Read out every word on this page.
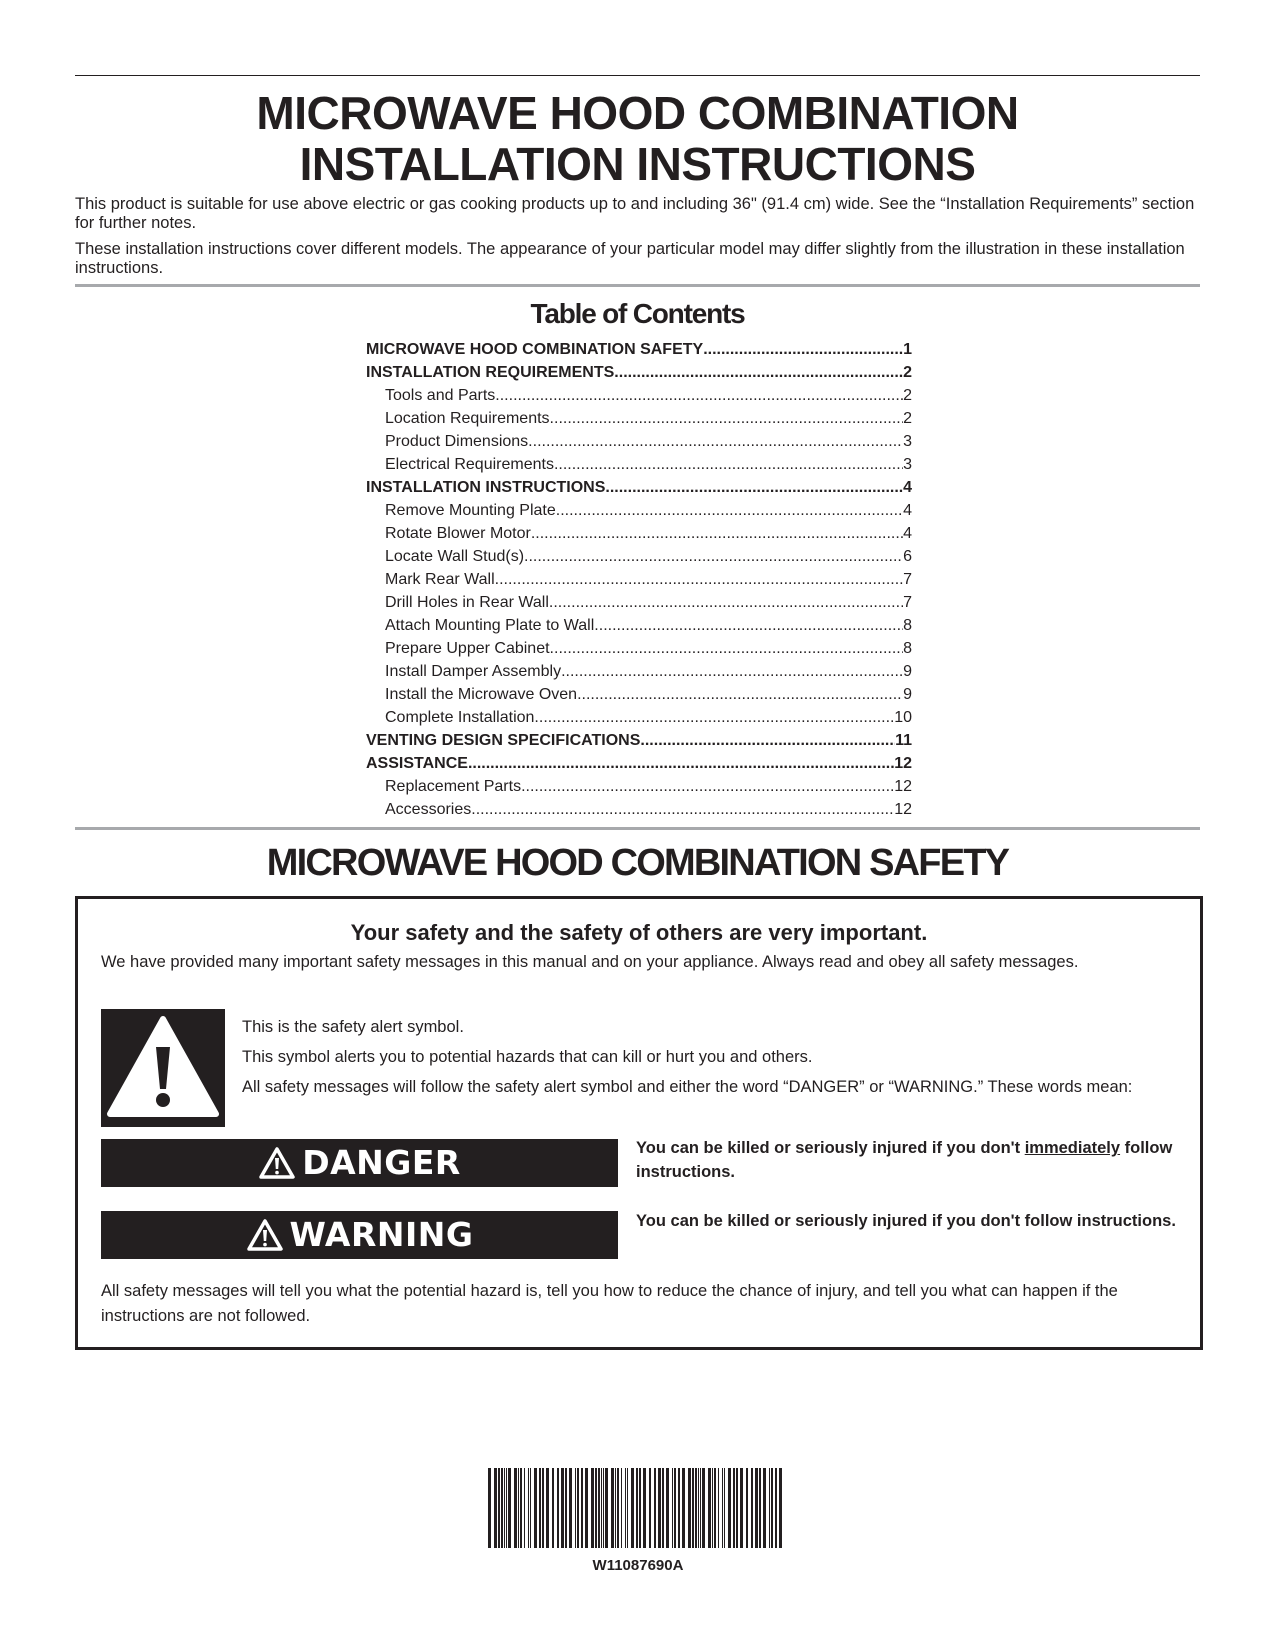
MICROWAVE HOOD COMBINATION
INSTALLATION INSTRUCTIONS
This product is suitable for use above electric or gas cooking products up to and including 36" (91.4 cm) wide. See the “Installation Requirements” section for further notes.
These installation instructions cover different models. The appearance of your particular model may differ slightly from the illustration in these installation instructions.
Table of Contents
MICROWAVE HOOD COMBINATION SAFETY .....	1
INSTALLATION REQUIREMENTS .....	2
Tools and Parts .....	2
Location Requirements .....	2
Product Dimensions .....	3
Electrical Requirements .....	3
INSTALLATION INSTRUCTIONS .....	4
Remove Mounting Plate .....	4
Rotate Blower Motor .....	4
Locate Wall Stud(s) .....	6
Mark Rear Wall .....	7
Drill Holes in Rear Wall .....	7
Attach Mounting Plate to Wall .....	8
Prepare Upper Cabinet .....	8
Install Damper Assembly .....	9
Install the Microwave Oven .....	9
Complete Installation .....	10
VENTING DESIGN SPECIFICATIONS .....	11
ASSISTANCE .....	12
Replacement Parts .....	12
Accessories .....	12
MICROWAVE HOOD COMBINATION SAFETY
Your safety and the safety of others are very important.
We have provided many important safety messages in this manual and on your appliance. Always read and obey all safety messages.
This is the safety alert symbol.
This symbol alerts you to potential hazards that can kill or hurt you and others.
All safety messages will follow the safety alert symbol and either the word “DANGER” or “WARNING.” These words mean:
DANGER	You can be killed or seriously injured if you don't immediately follow instructions.
WARNING	You can be killed or seriously injured if you don't follow instructions.
All safety messages will tell you what the potential hazard is, tell you how to reduce the chance of injury, and tell you what can happen if the instructions are not followed.
W11087690A
